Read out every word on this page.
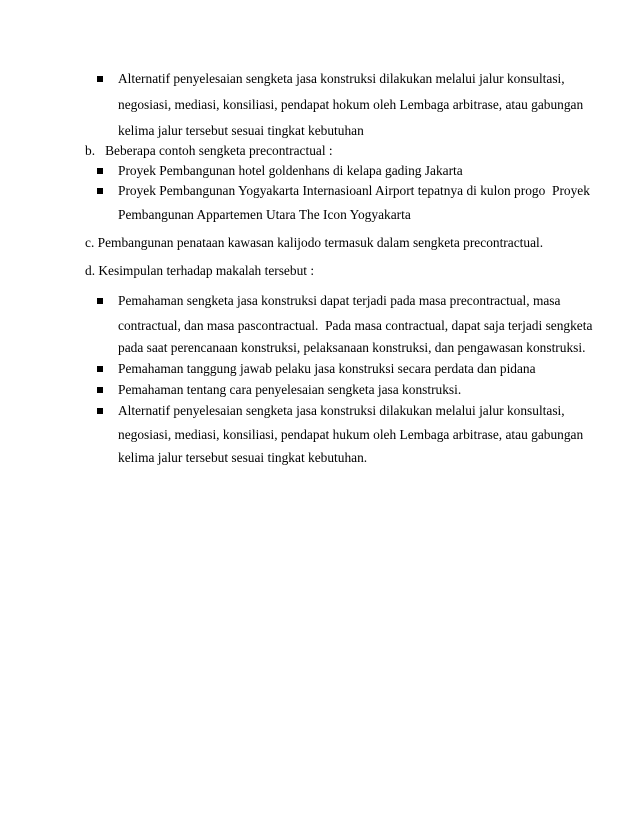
Alternatif penyelesaian sengketa jasa konstruksi dilakukan melalui jalur konsultasi,
negosiasi, mediasi, konsiliasi, pendapat hokum oleh Lembaga arbitrase, atau gabungan
kelima jalur tersebut sesuai tingkat kebutuhan
b.   Beberapa contoh sengketa precontractual :
Proyek Pembangunan hotel goldenhans di kelapa gading Jakarta
Proyek Pembangunan Yogyakarta Internasioanl Airport tepatnya di kulon progo  Proyek
Pembangunan Appartemen Utara The Icon Yogyakarta
c. Pembangunan penataan kawasan kalijodo termasuk dalam sengketa precontractual.
d. Kesimpulan terhadap makalah tersebut :
Pemahaman sengketa jasa konstruksi dapat terjadi pada masa precontractual, masa
contractual, dan masa pascontractual.  Pada masa contractual, dapat saja terjadi sengketa
pada saat perencanaan konstruksi, pelaksanaan konstruksi, dan pengawasan konstruksi.
Pemahaman tanggung jawab pelaku jasa konstruksi secara perdata dan pidana
Pemahaman tentang cara penyelesaian sengketa jasa konstruksi.
Alternatif penyelesaian sengketa jasa konstruksi dilakukan melalui jalur konsultasi,
negosiasi, mediasi, konsiliasi, pendapat hukum oleh Lembaga arbitrase, atau gabungan
kelima jalur tersebut sesuai tingkat kebutuhan.
